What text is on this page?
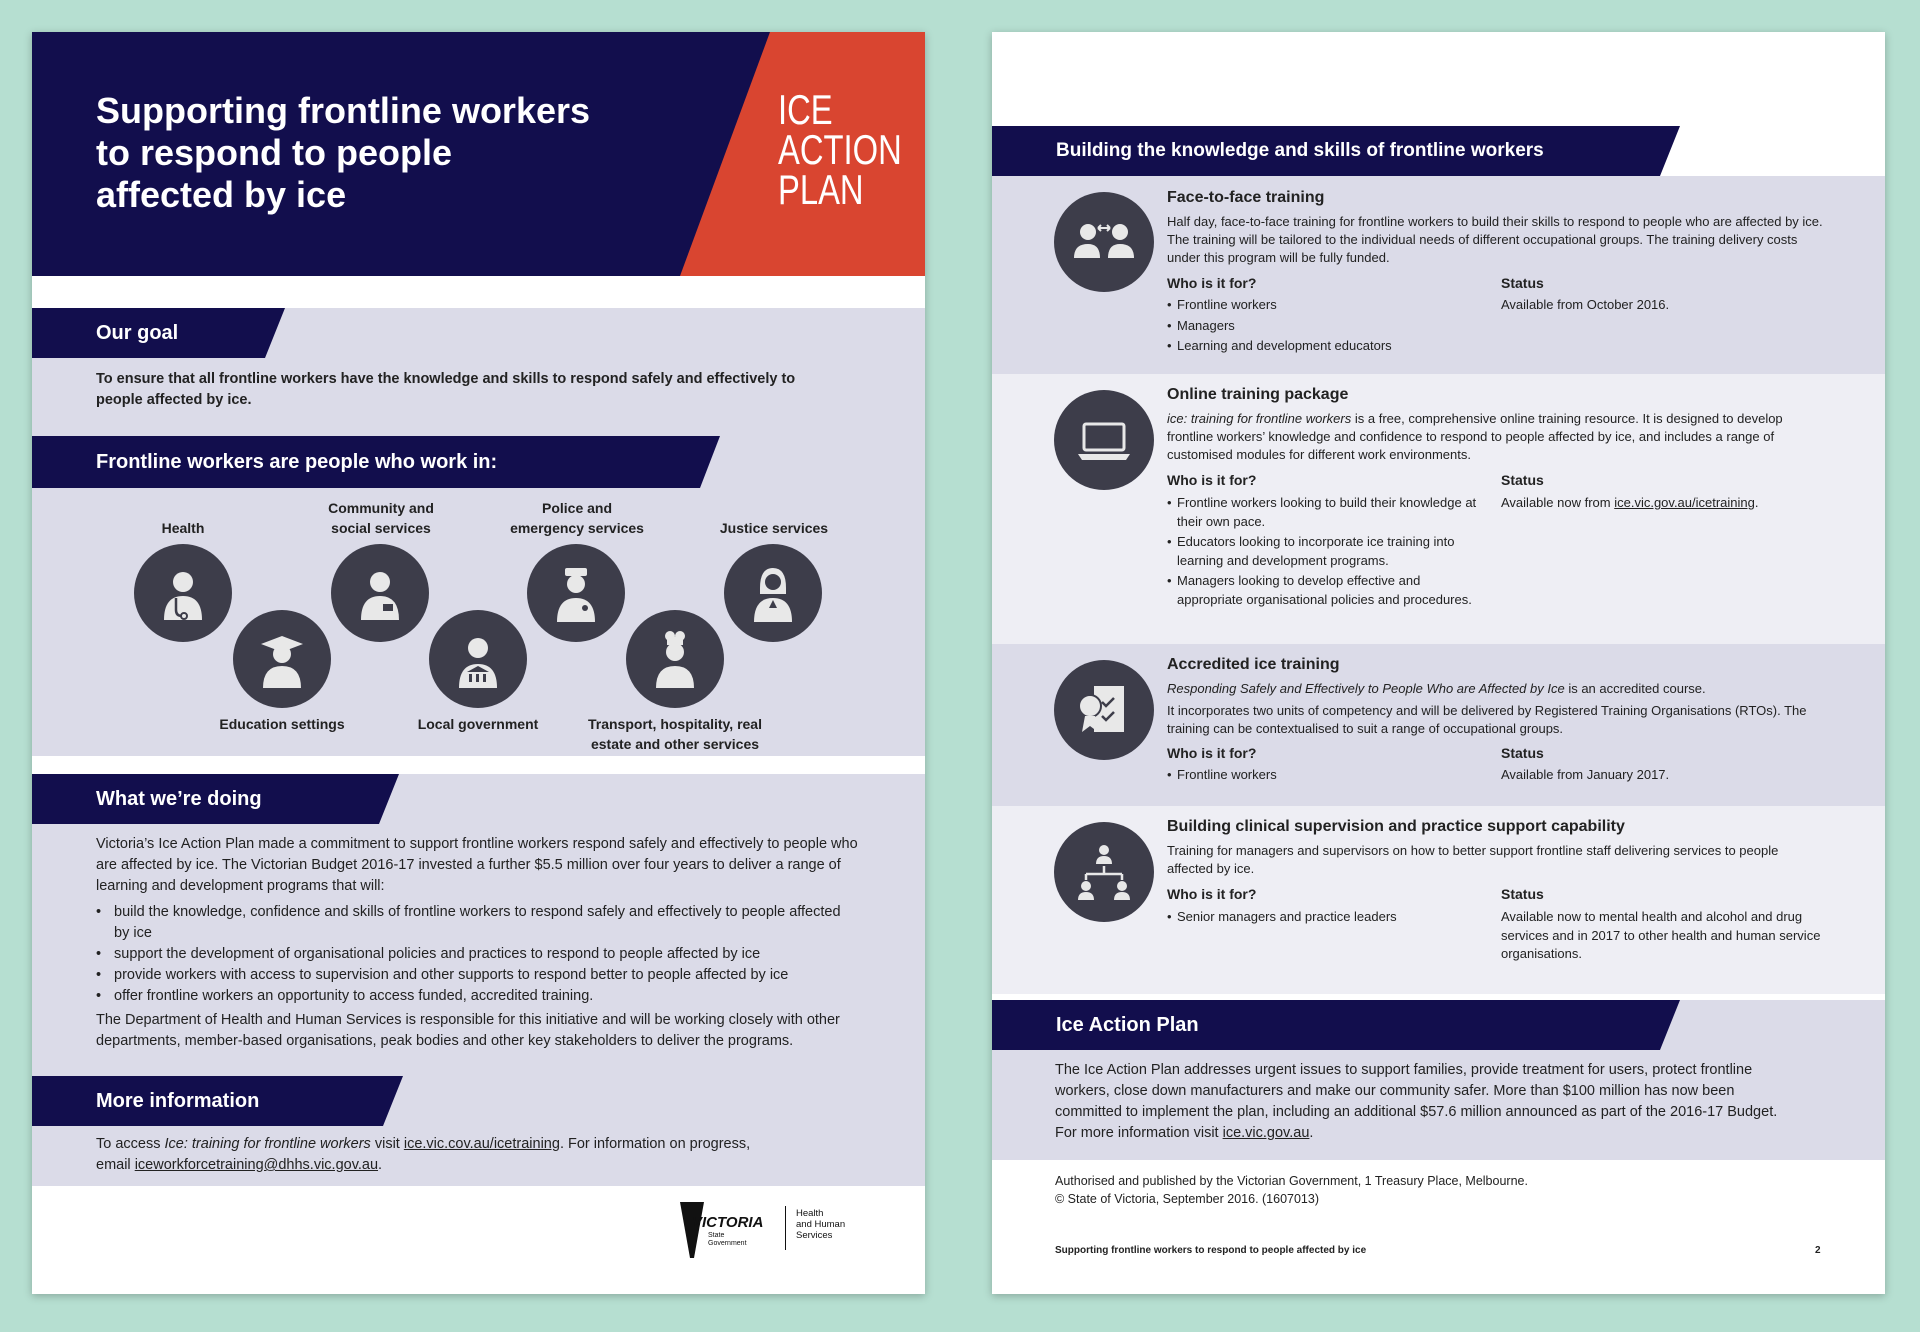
Supporting frontline workers
to respond to people
affected by ice
ICE
ACTION
PLAN
Our goal
To ensure that all frontline workers have the knowledge and skills to respond safely and effectively to people affected by ice.
Frontline workers are people who work in:
Health
Education settings
Community and
social services
Local government
Police and
emergency services
Transport, hospitality, real
estate and other services
Justice services
What we’re doing
Victoria’s Ice Action Plan made a commitment to support frontline workers respond safely and effectively to people who are affected by ice. The Victorian Budget 2016-17 invested a further $5.5 million over four years to deliver a range of learning and development programs that will:
• build the knowledge, confidence and skills of frontline workers to respond safely and effectively to people affected by ice
• support the development of organisational policies and practices to respond to people affected by ice
• provide workers with access to supervision and other supports to respond better to people affected by ice
• offer frontline workers an opportunity to access funded, accredited training.
The Department of Health and Human Services is responsible for this initiative and will be working closely with other departments, member-based organisations, peak bodies and other key stakeholders to deliver the programs.
More information
To access Ice: training for frontline workers visit ice.vic.cov.au/icetraining. For information on progress, email iceworkforcetraining@dhhs.vic.gov.au.
VICTORIA
State
Government
Health
and Human
Services
Building the knowledge and skills of frontline workers
Face-to-face training
Half day, face-to-face training for frontline workers to build their skills to respond to people who are affected by ice. The training will be tailored to the individual needs of different occupational groups. The training delivery costs under this program will be fully funded.
Who is it for?	Status
• Frontline workers
• Managers
• Learning and development educators
Available from October 2016.
Online training package
ice: training for frontline workers is a free, comprehensive online training resource. It is designed to develop frontline workers’ knowledge and confidence to respond to people affected by ice, and includes a range of customised modules for different work environments.
Who is it for?	Status
• Frontline workers looking to build their knowledge at their own pace.
• Educators looking to incorporate ice training into learning and development programs.
• Managers looking to develop effective and appropriate organisational policies and procedures.
Available now from ice.vic.gov.au/icetraining.
Accredited ice training
Responding Safely and Effectively to People Who are Affected by Ice is an accredited course.
It incorporates two units of competency and will be delivered by Registered Training Organisations (RTOs). The training can be contextualised to suit a range of occupational groups.
Who is it for?	Status
• Frontline workers	Available from January 2017.
Building clinical supervision and practice support capability
Training for managers and supervisors on how to better support frontline staff delivering services to people affected by ice.
Who is it for?	Status
• Senior managers and practice leaders	Available now to mental health and alcohol and drug services and in 2017 to other health and human service organisations.
Ice Action Plan
The Ice Action Plan addresses urgent issues to support families, provide treatment for users, protect frontline workers, close down manufacturers and make our community safer. More than $100 million has now been committed to implement the plan, including an additional $57.6 million announced as part of the 2016-17 Budget. For more information visit ice.vic.gov.au.
Authorised and published by the Victorian Government, 1 Treasury Place, Melbourne.
© State of Victoria, September 2016. (1607013)
Supporting frontline workers to respond to people affected by ice	2
